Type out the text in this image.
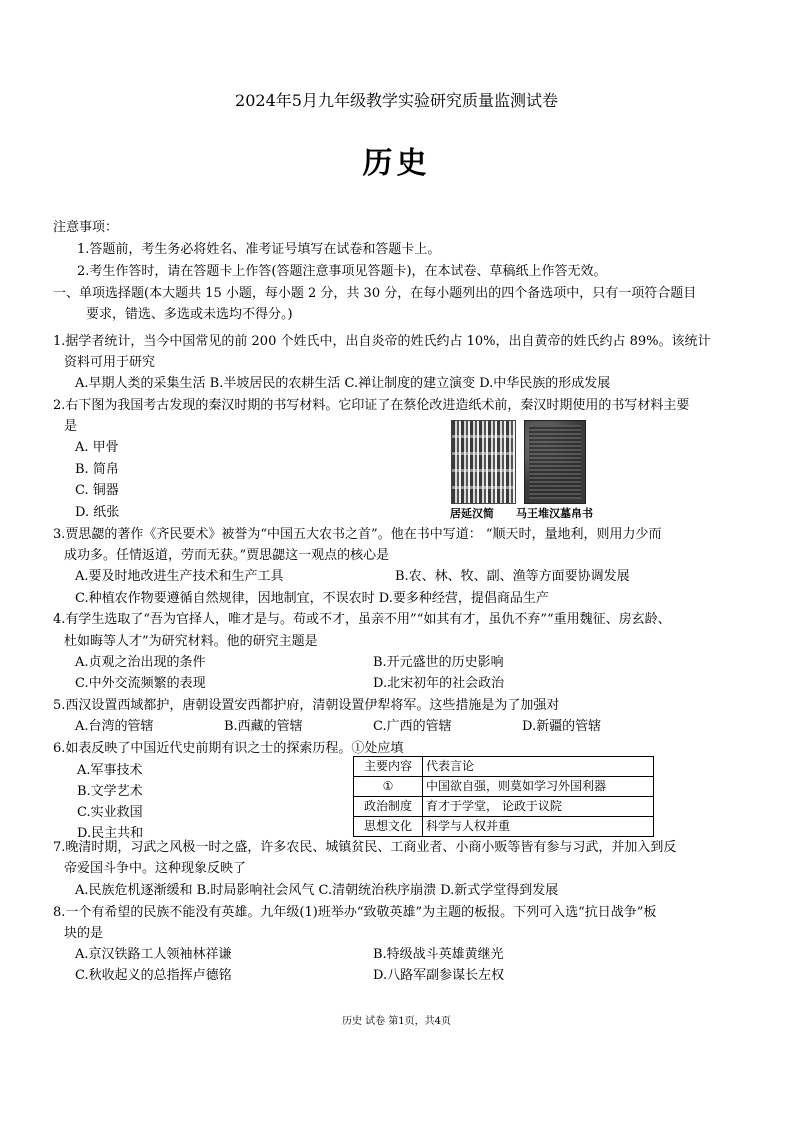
2024年5月九年级教学实验研究质量监测试卷
历史
注意事项：
1.答题前，考生务必将姓名、准考证号填写在试卷和答题卡上。
2.考生作答时，请在答题卡上作答(答题注意事项见答题卡)，在本试卷、草稿纸上作答无效。
一、单项选择题(本大题共 15 小题，每小题 2 分，共 30 分，在每小题列出的四个备选项中，只有一项符合题目
要求，错选、多选或未选均不得分。)
1.据学者统计，当今中国常见的前 200 个姓氏中，出自炎帝的姓氏约占 10%，出自黄帝的姓氏约占 89%。该统计
资料可用于研究
A.早期人类的采集生活 B.半坡居民的农耕生活 C.禅让制度的建立演变 D.中华民族的形成发展
2.右下图为我国考古发现的秦汉时期的书写材料。它印证了在蔡伦改进造纸术前，秦汉时期使用的书写材料主要
是
A. 甲骨
B. 简帛
C. 铜器
D. 纸张	居延汉简 马王堆汉墓帛书
3.贾思勰的著作《齐民要术》被誉为“中国五大农书之首”。他在书中写道： “顺天时，量地利，则用力少而
成功多。任情返道，劳而无获。”贾思勰这一观点的核心是
A.要及时地改进生产技术和生产工具	B.农、林、牧、副、渔等方面要协调发展
C.种植农作物要遵循自然规律，因地制宜，不误农时 D.要多种经营，提倡商品生产
4.有学生选取了“吾为官择人，唯才是与。苟或不才，虽亲不用”“如其有才，虽仇不弃”“重用魏征、房玄龄、
杜如晦等人才”为研究材料。他的研究主题是
A.贞观之治出现的条件	B.开元盛世的历史影响
C.中外交流频繁的表现	D.北宋初年的社会政治
5.西汉设置西域都护，唐朝设置安西都护府，清朝设置伊犁将军。这些措施是为了加强对
A.台湾的管辖	B.西藏的管辖	C.广西的管辖	D.新疆的管辖
6.如表反映了中国近代史前期有识之士的探索历程。①处应填
A.军事技术
B.文学艺术
C.实业救国
D.民主共和
主要内容	代表言论
①	中国欲自强，则莫如学习外国利器
政治制度	育才于学堂， 论政于议院
思想文化	科学与人权并重
7.晚清时期，习武之风极一时之盛，许多农民、城镇贫民、工商业者、小商小贩等皆有参与习武，并加入到反
帝爱国斗争中。这种现象反映了
A.民族危机逐渐缓和 B.时局影响社会风气 C.清朝统治秩序崩溃 D.新式学堂得到发展
8.一个有希望的民族不能没有英雄。九年级(1)班举办“致敬英雄”为主题的板报。下列可入选“抗日战争”板
块的是
A.京汉铁路工人领袖林祥谦	B.特级战斗英雄黄继光
C.秋收起义的总指挥卢德铭	D.八路军副参谋长左权
历史 试卷 第1页，共4页
